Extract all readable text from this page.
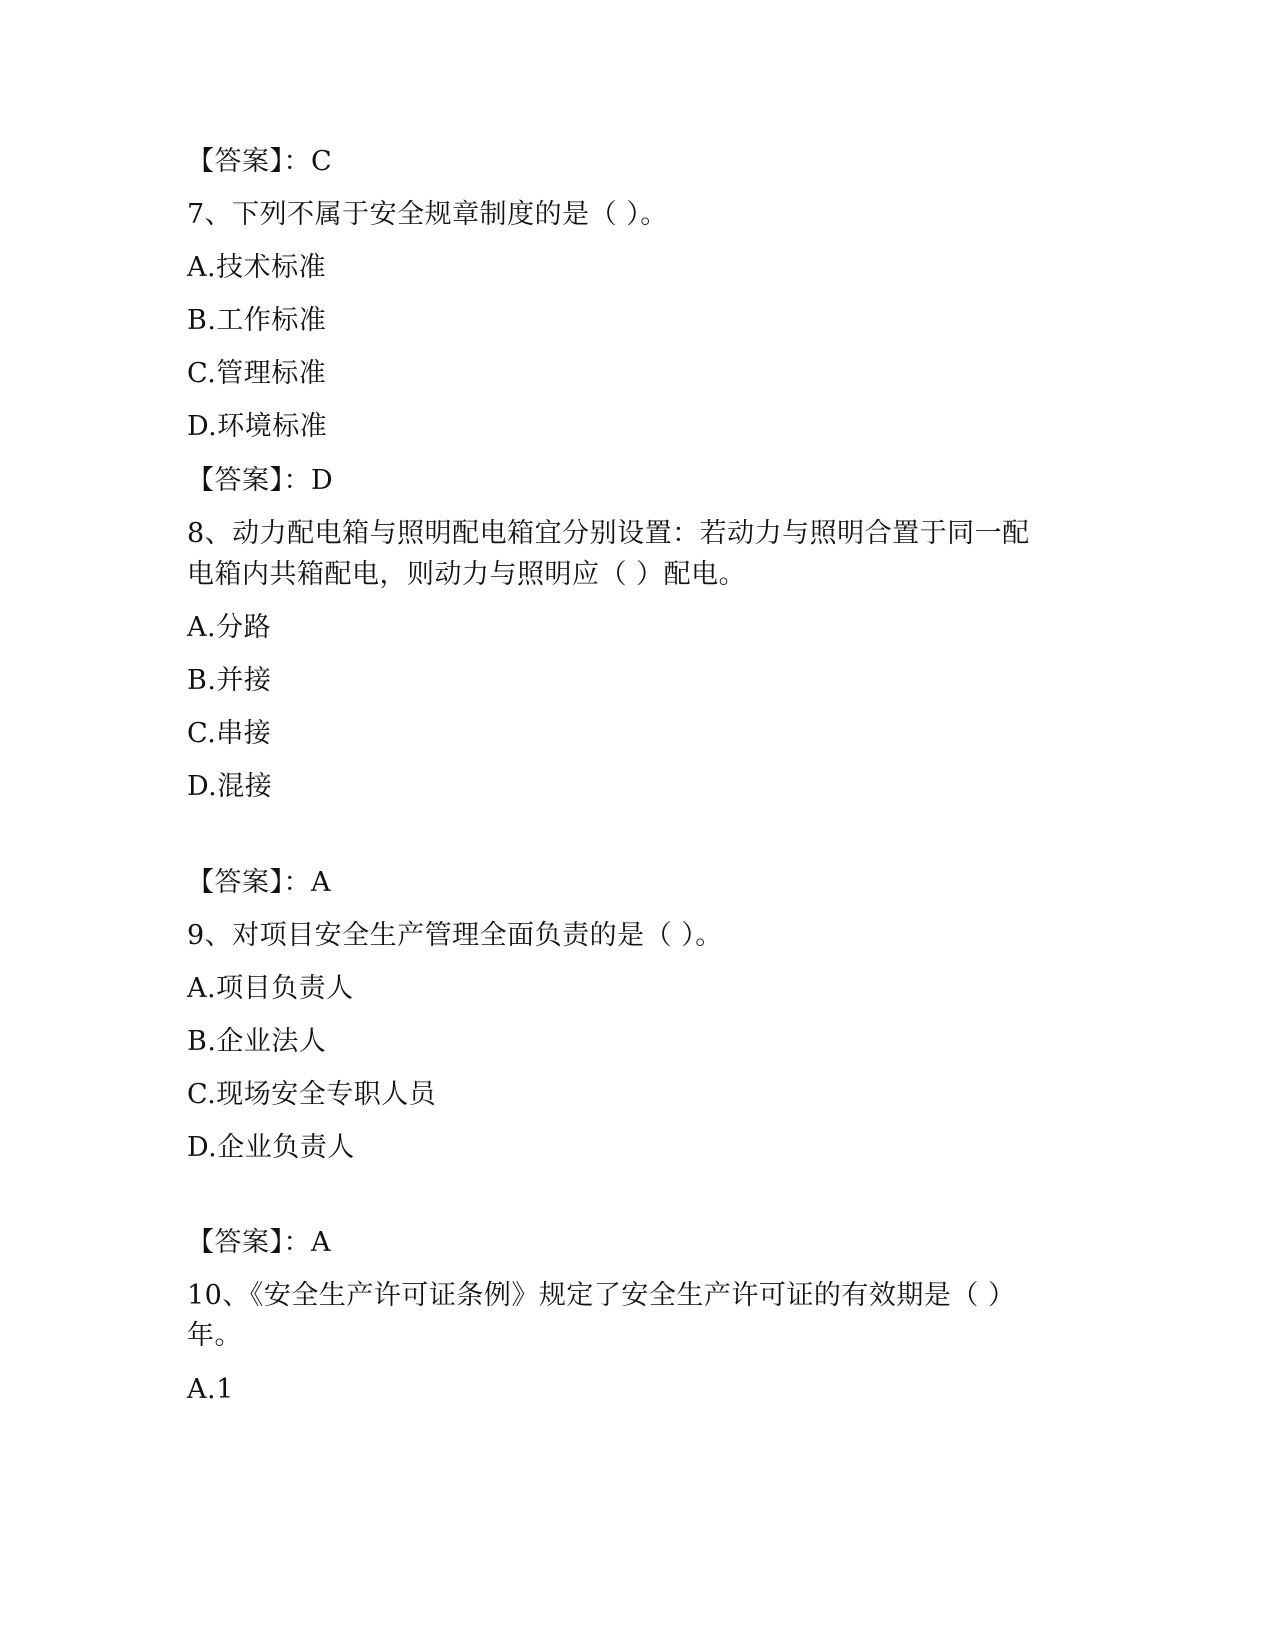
【答案】：C
7、下列不属于安全规章制度的是（ ）。
A.技术标准
B.工作标准
C.管理标准
D.环境标准
【答案】：D
8、动力配电箱与照明配电箱宜分别设置：若动力与照明合置于同一配
电箱内共箱配电，则动力与照明应（ ）配电。
A.分路
B.并接
C.串接
D.混接
【答案】：A
9、对项目安全生产管理全面负责的是（ ）。
A.项目负责人
B.企业法人
C.现场安全专职人员
D.企业负责人
【答案】：A
10、《安全生产许可证条例》规定了安全生产许可证的有效期是（ ）
年。
A.1
